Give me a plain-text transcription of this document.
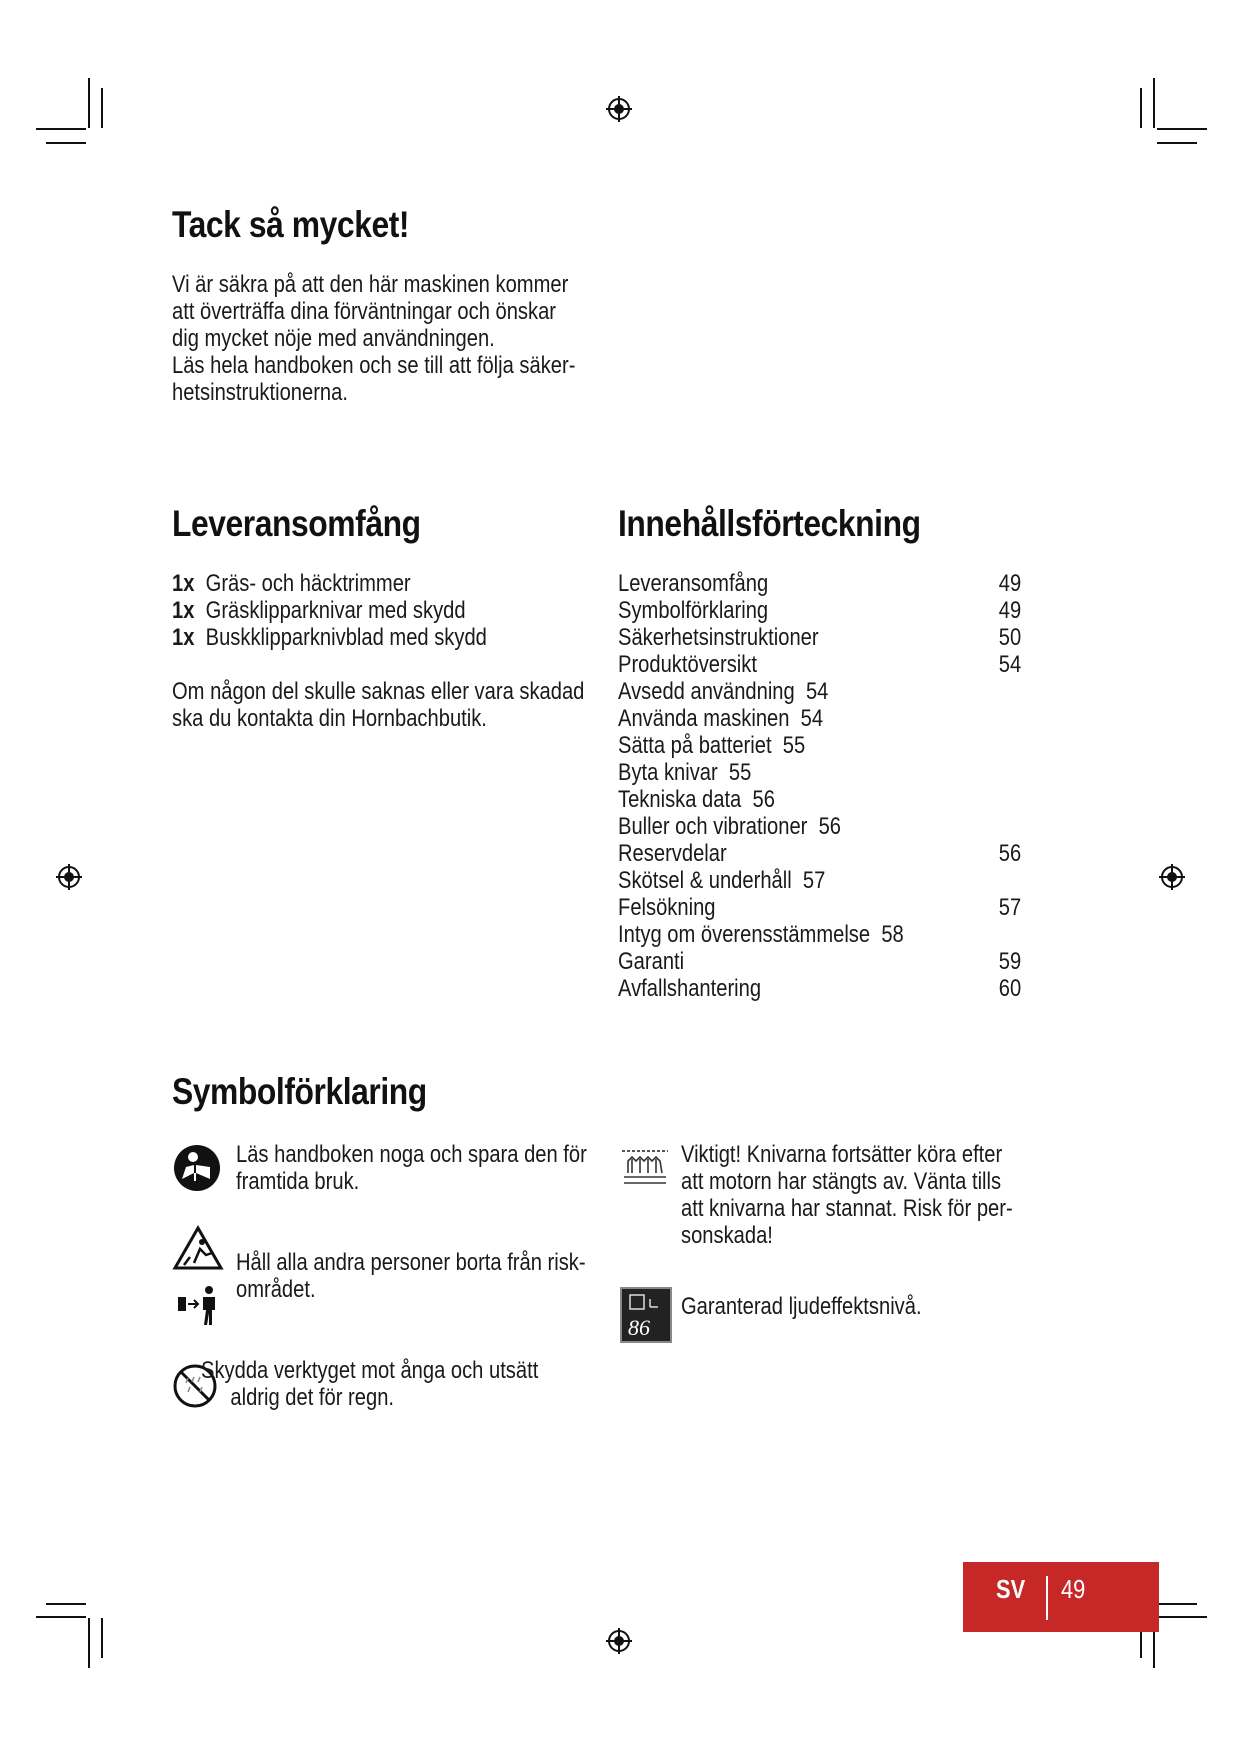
Tack så mycket!
Vi är säkra på att den här maskinen kommer
att överträffa dina förväntningar och önskar
dig mycket nöje med användningen.
Läs hela handboken och se till att följa säker-
hetsinstruktionerna.
Leveransomfång
1x Gräs- och häcktrimmer
1x Gräsklipparknivar med skydd
1x Buskklipparknivblad med skydd
Om någon del skulle saknas eller vara skadad
ska du kontakta din Hornbachbutik.
Innehållsförteckning
Leveransomfång	49
Symbolförklaring	49
Säkerhetsinstruktioner	50
Produktöversikt	54
Avsedd användning 54
Använda maskinen 54
Sätta på batteriet 55
Byta knivar 55
Tekniska data 56
Buller och vibrationer 56
Reservdelar	56
Skötsel & underhåll 57
Felsökning	57
Intyg om överensstämmelse 58
Garanti	59
Avfallshantering	60
Symbolförklaring
Läs handboken noga och spara den för
framtida bruk.
Håll alla andra personer borta från risk-
området.
Skydda verktyget mot ånga och utsätt
aldrig det för regn.
Viktigt! Knivarna fortsätter köra efter
att motorn har stängts av. Vänta tills
att knivarna har stannat. Risk för per-
sonskada!
86
Garanterad ljudeffektsnivå.
SV 49
